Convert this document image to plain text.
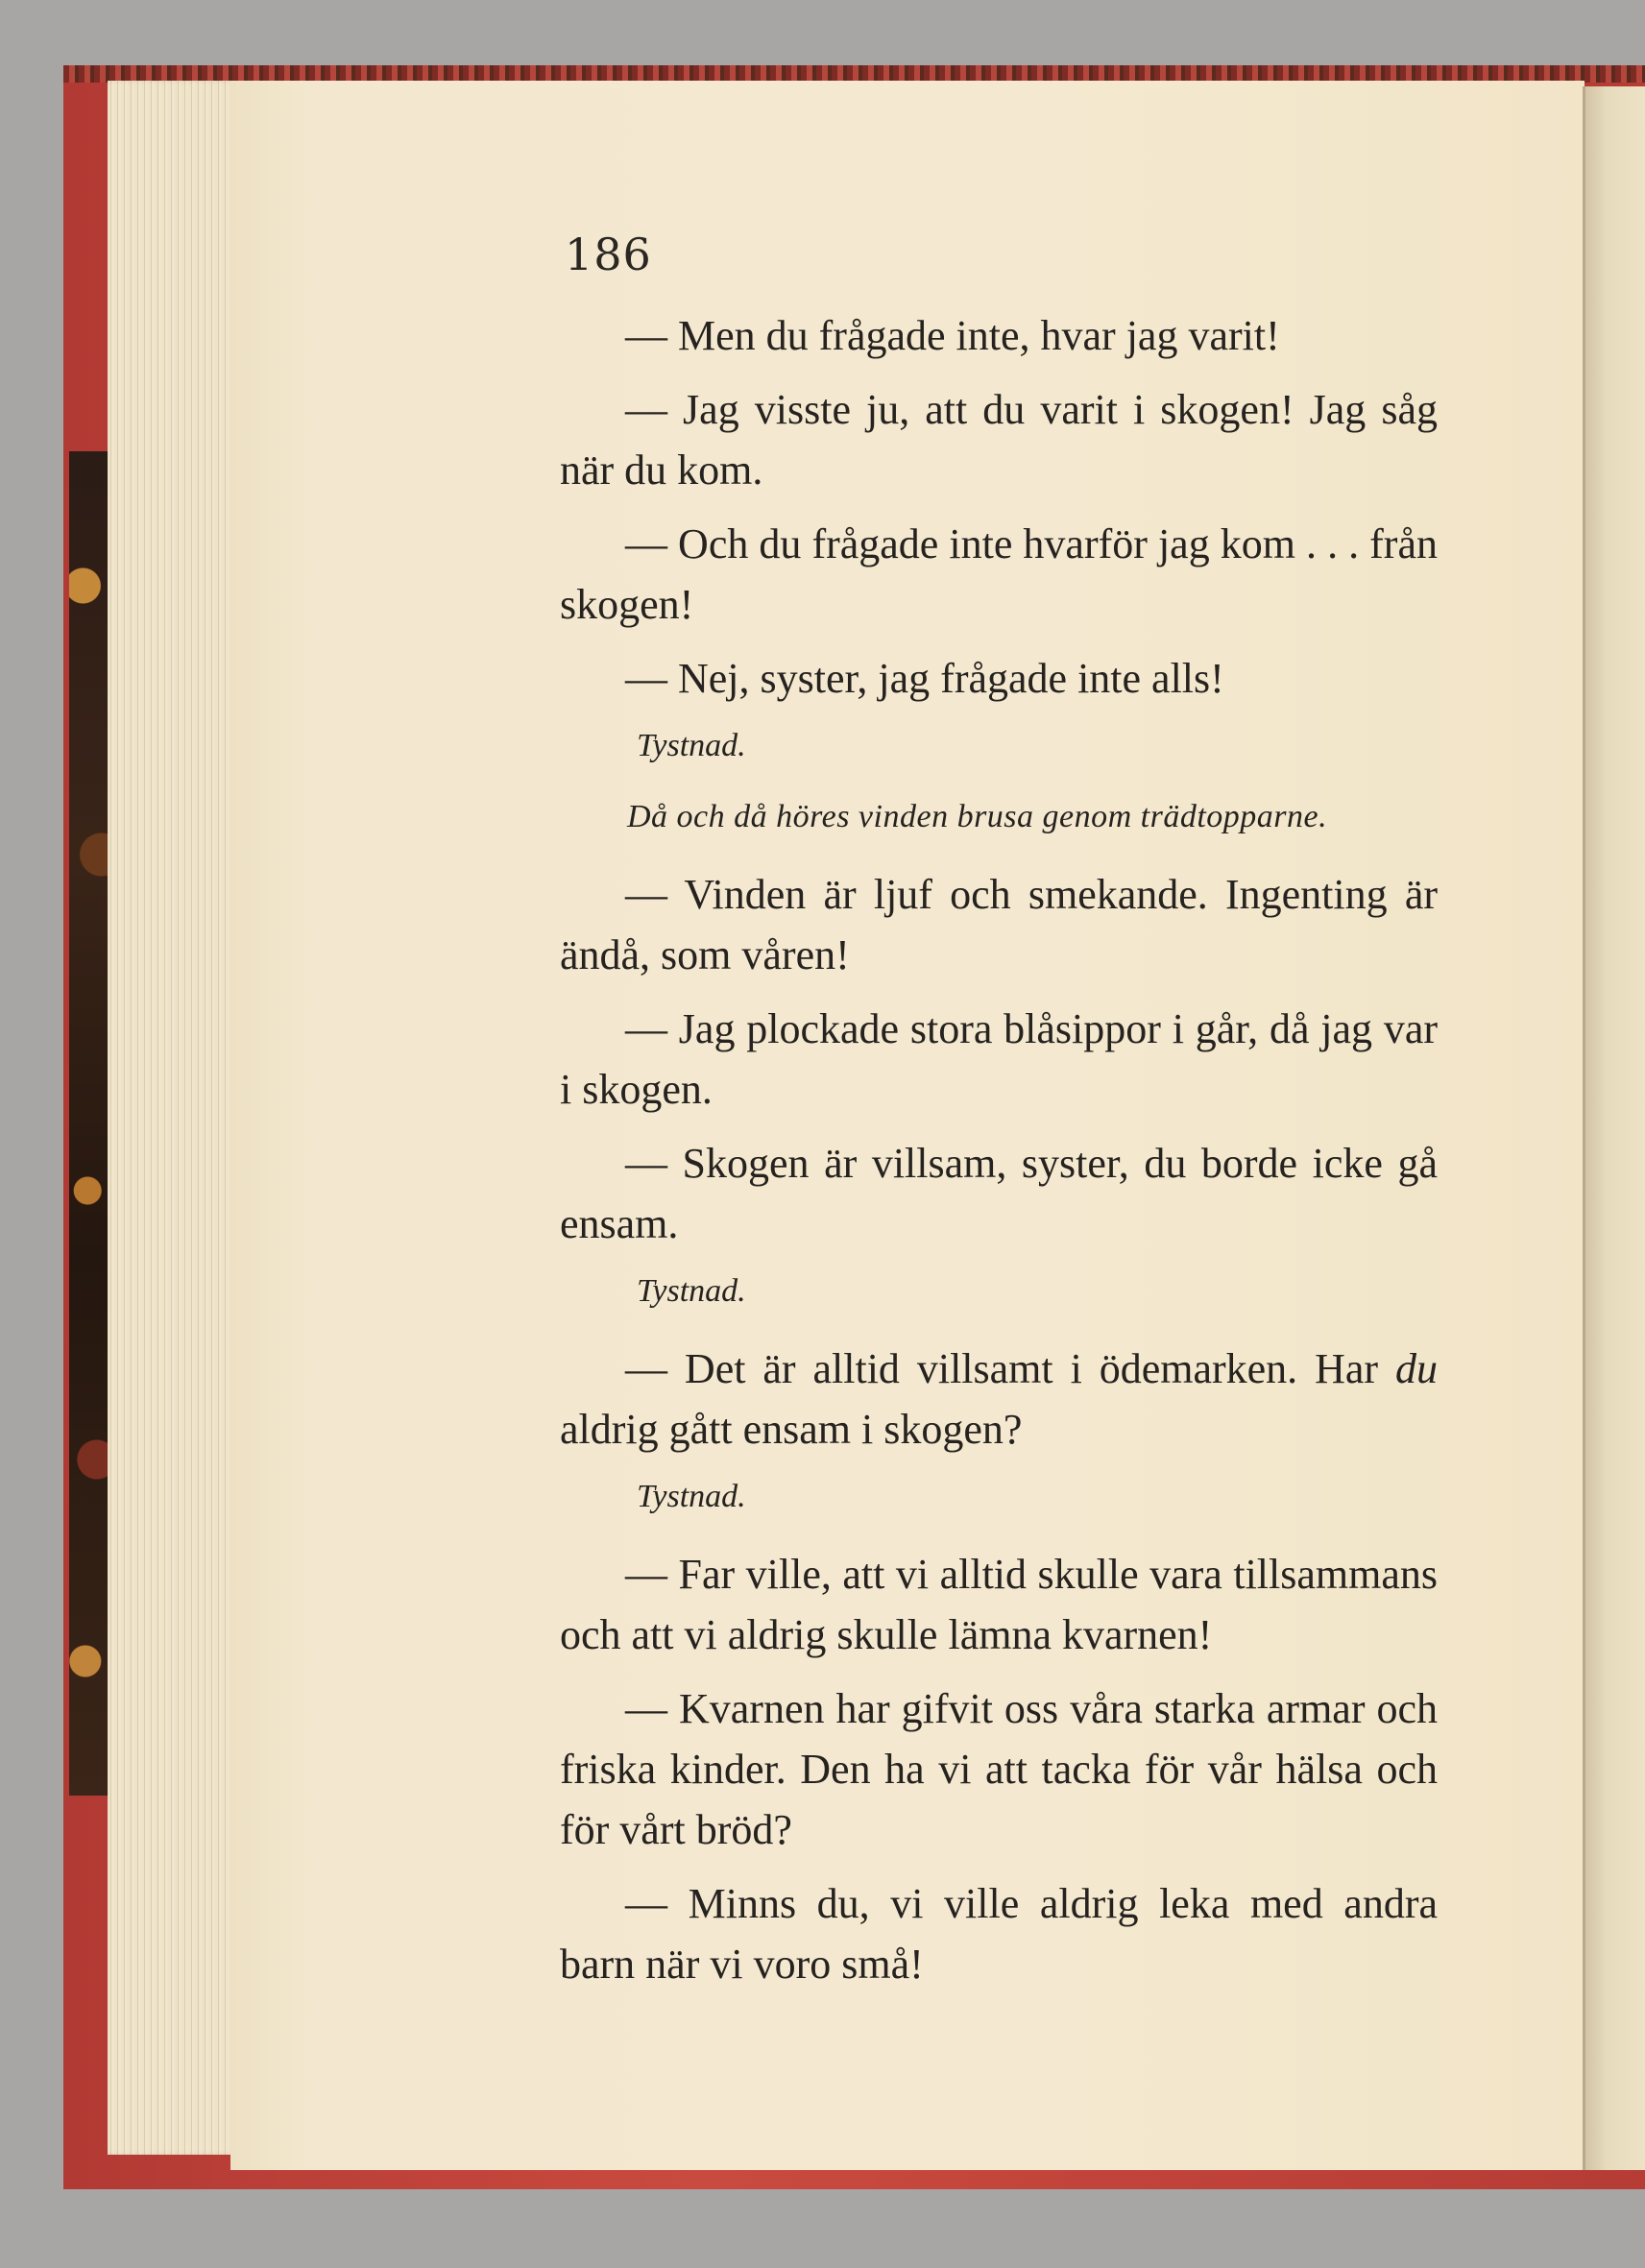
186

— Men du frågade inte, hvar jag varit!

— Jag visste ju, att du varit i skogen! Jag såg när du kom.

— Och du frågade inte hvarför jag kom . . . från skogen!

— Nej, syster, jag frågade inte alls!

Tystnad.

Då och då höres vinden brusa genom trädtopparne.

— Vinden är ljuf och smekande. Ingenting är ändå, som våren!

— Jag plockade stora blåsippor i går, då jag var i skogen.

— Skogen är villsam, syster, du borde icke gå ensam.

Tystnad.

— Det är alltid villsamt i ödemarken. Har du aldrig gått ensam i skogen?

Tystnad.

— Far ville, att vi alltid skulle vara tillsammans och att vi aldrig skulle lämna kvarnen!

— Kvarnen har gifvit oss våra starka armar och friska kinder. Den ha vi att tacka för vår hälsa och för vårt bröd?

— Minns du, vi ville aldrig leka med andra barn när vi voro små!
